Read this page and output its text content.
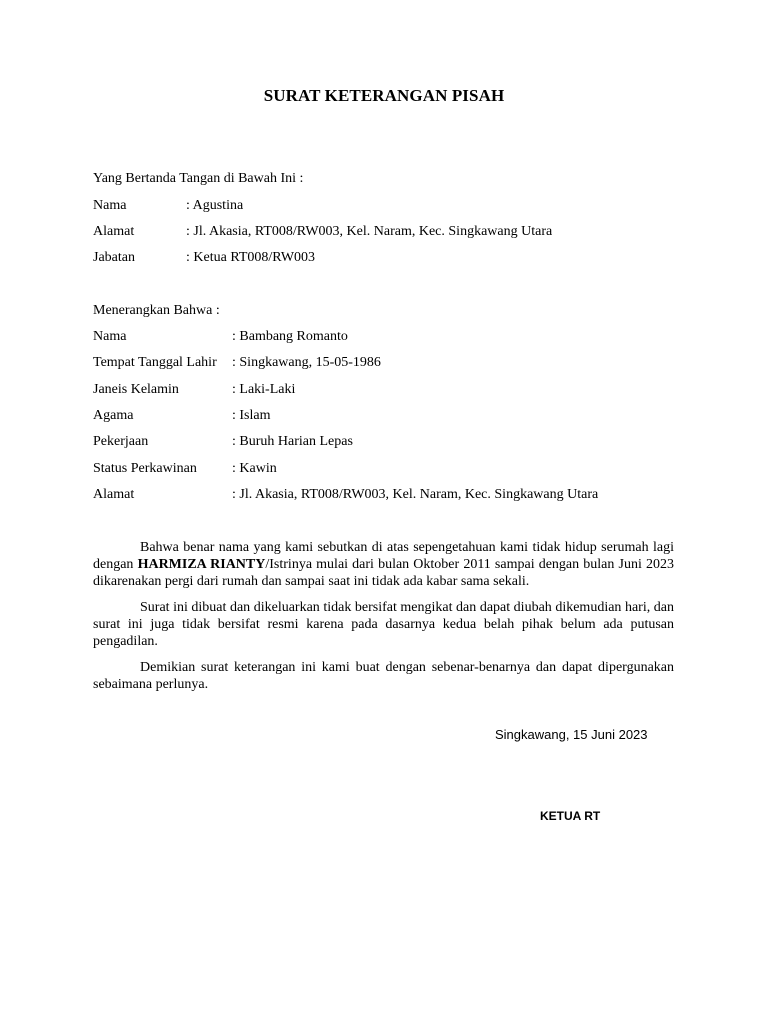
SURAT KETERANGAN PISAH
Yang Bertanda Tangan di Bawah Ini :
Nama	: Agustina
Alamat	: Jl. Akasia, RT008/RW003, Kel. Naram, Kec. Singkawang Utara
Jabatan	: Ketua RT008/RW003
Menerangkan Bahwa :
Nama	: Bambang Romanto
Tempat Tanggal Lahir : Singkawang, 15-05-1986
Janeis Kelamin	: Laki-Laki
Agama	: Islam
Pekerjaan	: Buruh Harian Lepas
Status Perkawinan	: Kawin
Alamat	: Jl. Akasia, RT008/RW003, Kel. Naram, Kec. Singkawang Utara

Bahwa benar nama yang kami sebutkan di atas sepengetahuan kami tidak hidup serumah lagi dengan HARMIZA RIANTY/Istrinya mulai dari bulan Oktober 2011 sampai dengan bulan Juni 2023 dikarenakan pergi dari rumah dan sampai saat ini tidak ada kabar sama sekali.

Surat ini dibuat dan dikeluarkan tidak bersifat mengikat dan dapat diubah dikemudian hari, dan surat ini juga tidak bersifat resmi karena pada dasarnya kedua belah pihak belum ada putusan pengadilan.

Demikian surat keterangan ini kami buat dengan sebenar-benarnya dan dapat dipergunakan sebaimana perlunya.

Singkawang, 15 Juni 2023
KETUA RT
